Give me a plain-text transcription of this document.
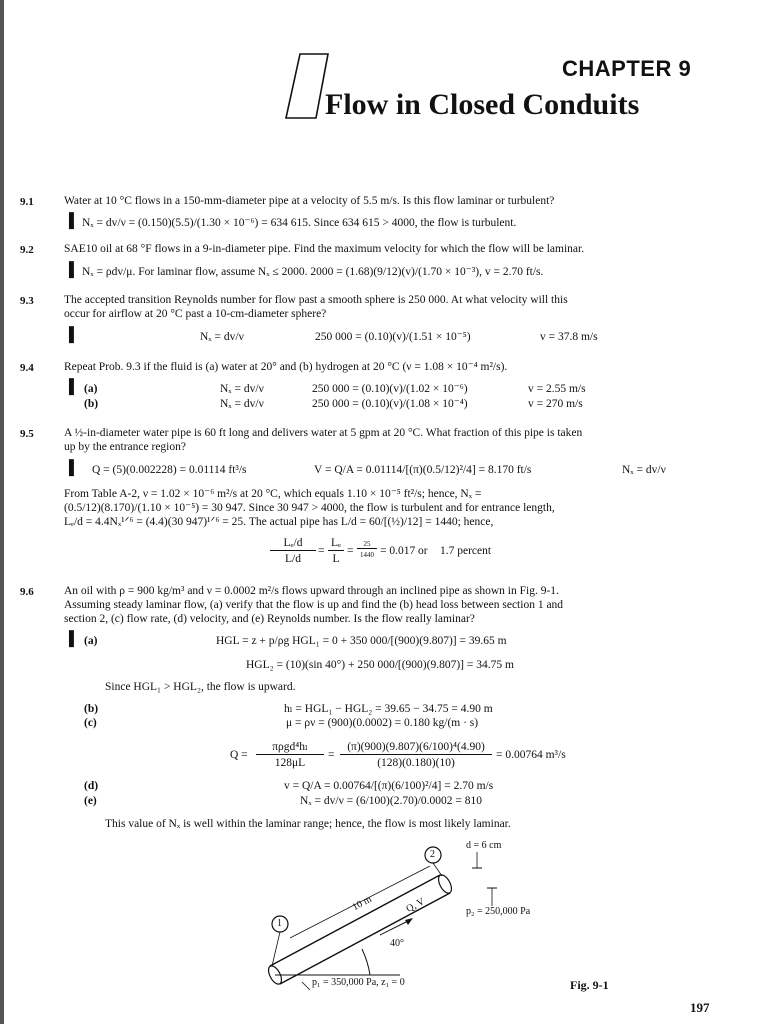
CHAPTER 9
Flow in Closed Conduits
9.1	Water at 10 °C flows in a 150-mm-diameter pipe at a velocity of 5.5 m/s. Is this flow laminar or turbulent?
▐ Nₓ = dv/ν = (0.150)(5.5)/(1.30 × 10⁻⁶) = 634 615. Since 634 615 > 4000, the flow is turbulent.
9.2	SAE10 oil at 68 °F flows in a 9-in-diameter pipe. Find the maximum velocity for which the flow will be laminar.
▐ Nₓ = ρdv/μ. For laminar flow, assume Nₓ ≤ 2000. 2000 = (1.68)(9/12)(v)/(1.70 × 10⁻³), v = 2.70 ft/s.
9.3	The accepted transition Reynolds number for flow past a smooth sphere is 250 000. At what velocity will this
occur for airflow at 20 °C past a 10-cm-diameter sphere?
▐	Nₓ = dv/ν	250 000 = (0.10)(v)/(1.51 × 10⁻⁵)	v = 37.8 m/s
9.4	Repeat Prob. 9.3 if the fluid is (a) water at 20° and (b) hydrogen at 20 °C (ν = 1.08 × 10⁻⁴ m²/s).
▐ (a)	Nₓ = dv/ν	250 000 = (0.10)(v)/(1.02 × 10⁻⁶)	v = 2.55 m/s
(b)	Nₓ = dv/ν	250 000 = (0.10)(v)/(1.08 × 10⁻⁴)	v = 270 m/s
9.5	A ½-in-diameter water pipe is 60 ft long and delivers water at 5 gpm at 20 °C. What fraction of this pipe is taken
up by the entrance region?
▐ Q = (5)(0.002228) = 0.01114 ft³/s	V = Q/A = 0.01114/[(π)(0.5/12)²/4] = 8.170 ft/s	Nₓ = dv/ν
From Table A-2, ν = 1.02 × 10⁻⁶ m²/s at 20 °C, which equals 1.10 × 10⁻⁵ ft²/s; hence, Nₓ =
(0.5/12)(8.170)/(1.10 × 10⁻⁵) = 30 947. Since 30 947 > 4000, the flow is turbulent and for entrance length,
Lₑ/d = 4.4Nₓ¹ᐟ⁶ = (4.4)(30 947)¹ᐟ⁶ = 25. The actual pipe has L/d = 60/[(½)/12] = 1440; hence,
Lₑ/d
L/d
=
Lₑ
L
=
25
1440 = 0.017 or 1.7 percent
9.6	An oil with ρ = 900 kg/m³ and ν = 0.0002 m²/s flows upward through an inclined pipe as shown in Fig. 9-1.
Assuming steady laminar flow, (a) verify that the flow is up and find the (b) head loss between section 1 and
section 2, (c) flow rate, (d) velocity, and (e) Reynolds number. Is the flow really laminar?
▐ (a)	HGL = z + p/ρg HGL₁ = 0 + 350 000/[(900)(9.807)] = 39.65 m
HGL₂ = (10)(sin 40°) + 250 000/[(900)(9.807)] = 34.75 m
Since HGL₁ > HGL₂, the flow is upward.
(b)	hₗ = HGL₁ − HGL₂ = 39.65 − 34.75 = 4.90 m
(c)	μ = ρν = (900)(0.0002) = 0.180 kg/(m · s)
Q =
πρgd⁴hₗ
128μL
=
(π)(900)(9.807)(6/100)⁴(4.90)
(128)(0.180)(10)
= 0.00764 m³/s
(d)	v = Q/A = 0.00764/[(π)(6/100)²/4] = 2.70 m/s
(e)	Nₓ = dv/ν = (6/100)(2.70)/0.0002 = 810
This value of Nₓ is well within the laminar range; hence, the flow is most likely laminar.
1
2
d = 6 cm
10 m	Q, V	p₂ = 250,000 Pa
40°
p₁ = 350,000 Pa, z₁ = 0	Fig. 9-1
197
